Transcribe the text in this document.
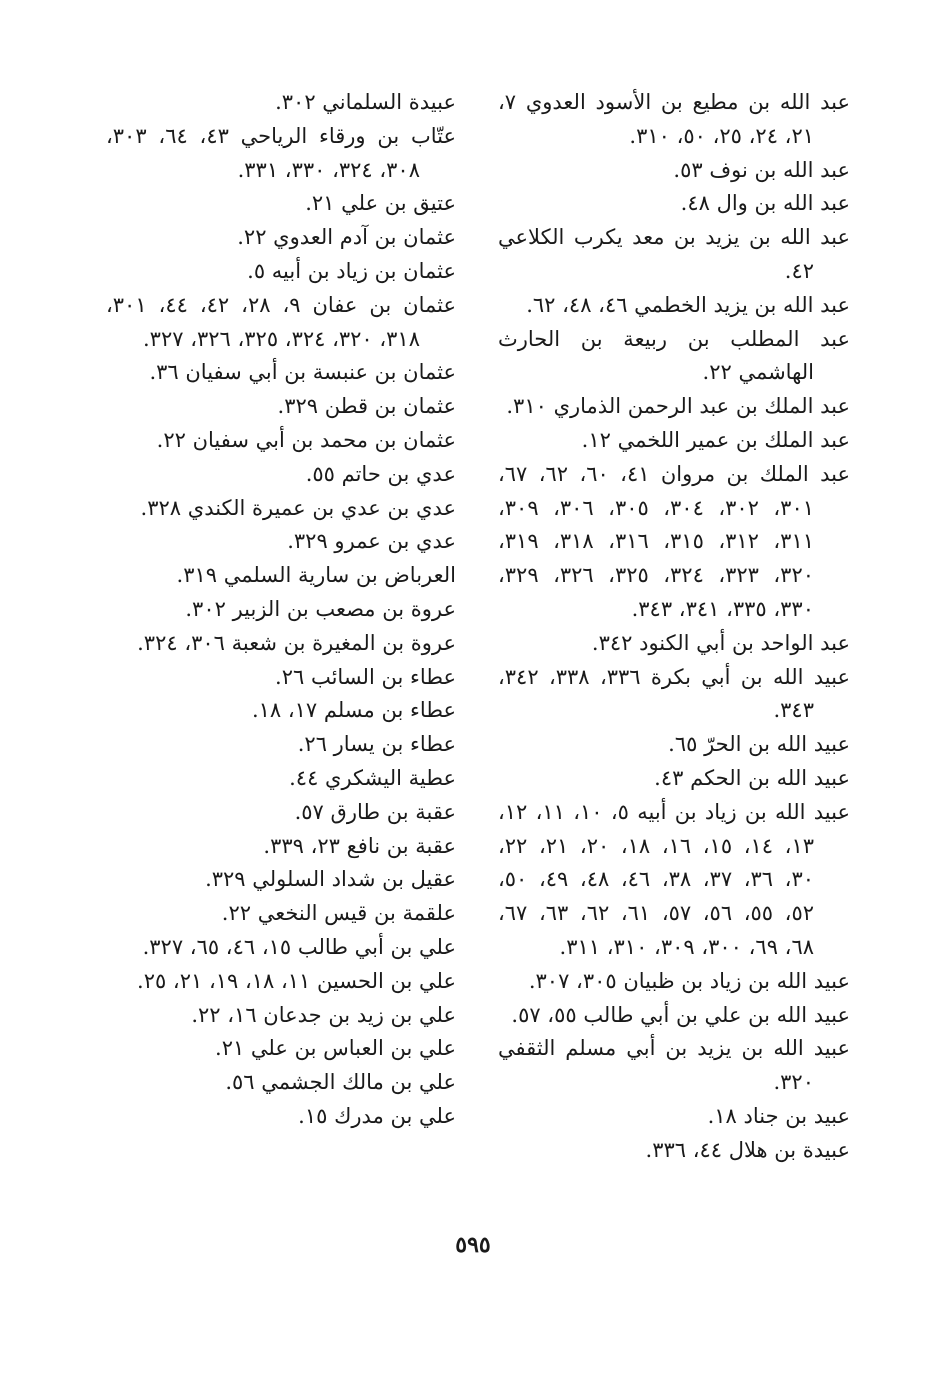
عبد الله بن مطيع بن الأسود العدوي ٧، ٢١، ٢٤، ٢٥، ٥٠، ٣١٠.

عبد الله بن نوف ٥٣.

عبد الله بن وال ٤٨.

عبد الله بن يزيد بن معد يكرب الكلاعي ٤٢.

عبد الله بن يزيد الخطمي ٤٦، ٤٨، ٦٢.

عبد المطلب بن ربيعة بن الحارث الهاشمي ٢٢.

عبد الملك بن عبد الرحمن الذماري ٣١٠.

عبد الملك بن عمير اللخمي ١٢.

عبد الملك بن مروان ٤١، ٦٠، ٦٢، ٦٧، ٣٠١، ٣٠٢، ٣٠٤، ٣٠٥، ٣٠٦، ٣٠٩، ٣١١، ٣١٢، ٣١٥، ٣١٦، ٣١٨، ٣١٩، ٣٢٠، ٣٢٣، ٣٢٤، ٣٢٥، ٣٢٦، ٣٢٩، ٣٣٠، ٣٣٥، ٣٤١، ٣٤٣.

عبد الواحد بن أبي الكنود ٣٤٢.

عبيد الله بن أبي بكرة ٣٣٦، ٣٣٨، ٣٤٢، ٣٤٣.

عبيد الله بن الحرّ ٦٥.

عبيد الله بن الحكم ٤٣.

عبيد الله بن زياد بن أبيه ٥، ١٠، ١١، ١٢، ١٣، ١٤، ١٥، ١٦، ١٨، ٢٠، ٢١، ٢٢، ٣٠، ٣٦، ٣٧، ٣٨، ٤٦، ٤٨، ٤٩، ٥٠، ٥٢، ٥٥، ٥٦، ٥٧، ٦١، ٦٢، ٦٣، ٦٧، ٦٨، ٦٩، ٣٠٠، ٣٠٩، ٣١٠، ٣١١.

عبيد الله بن زياد بن ظبيان ٣٠٥، ٣٠٧.

عبيد الله بن علي بن أبي طالب ٥٥، ٥٧.

عبيد الله بن يزيد بن أبي مسلم الثقفي ٣٢٠.

عبيد بن جناد ١٨.

عبيدة بن هلال ٤٤، ٣٣٦.

عبيدة السلماني ٣٠٢.

عتّاب بن ورقاء الرياحي ٤٣، ٦٤، ٣٠٣، ٣٠٨، ٣٢٤، ٣٣٠، ٣٣١.

عتيق بن علي ٢١.

عثمان بن آدم العدوي ٢٢.

عثمان بن زياد بن أبيه ٥.

عثمان بن عفان ٩، ٢٨، ٤٢، ٤٤، ٣٠١، ٣١٨، ٣٢٠، ٣٢٤، ٣٢٥، ٣٢٦، ٣٢٧.

عثمان بن عنبسة بن أبي سفيان ٣٦.

عثمان بن قطن ٣٢٩.

عثمان بن محمد بن أبي سفيان ٢٢.

عدي بن حاتم ٥٥.

عدي بن عدي بن عميرة الكندي ٣٢٨.

عدي بن عمرو ٣٢٩.

العرباض بن سارية السلمي ٣١٩.

عروة بن مصعب بن الزبير ٣٠٢.

عروة بن المغيرة بن شعبة ٣٠٦، ٣٢٤.

عطاء بن السائب ٢٦.

عطاء بن مسلم ١٧، ١٨.

عطاء بن يسار ٢٦.

عطية اليشكري ٤٤.

عقبة بن طارق ٥٧.

عقبة بن نافع ٢٣، ٣٣٩.

عقيل بن شداد السلولي ٣٢٩.

علقمة بن قيس النخعي ٢٢.

علي بن أبي طالب ١٥، ٤٦، ٦٥، ٣٢٧.

علي بن الحسين ١١، ١٨، ١٩، ٢١، ٢٥.

علي بن زيد بن جدعان ١٦، ٢٢.

علي بن العباس بن علي ٢١.

علي بن مالك الجشمي ٥٦.

علي بن مدرك ١٥.

٥٩٥
